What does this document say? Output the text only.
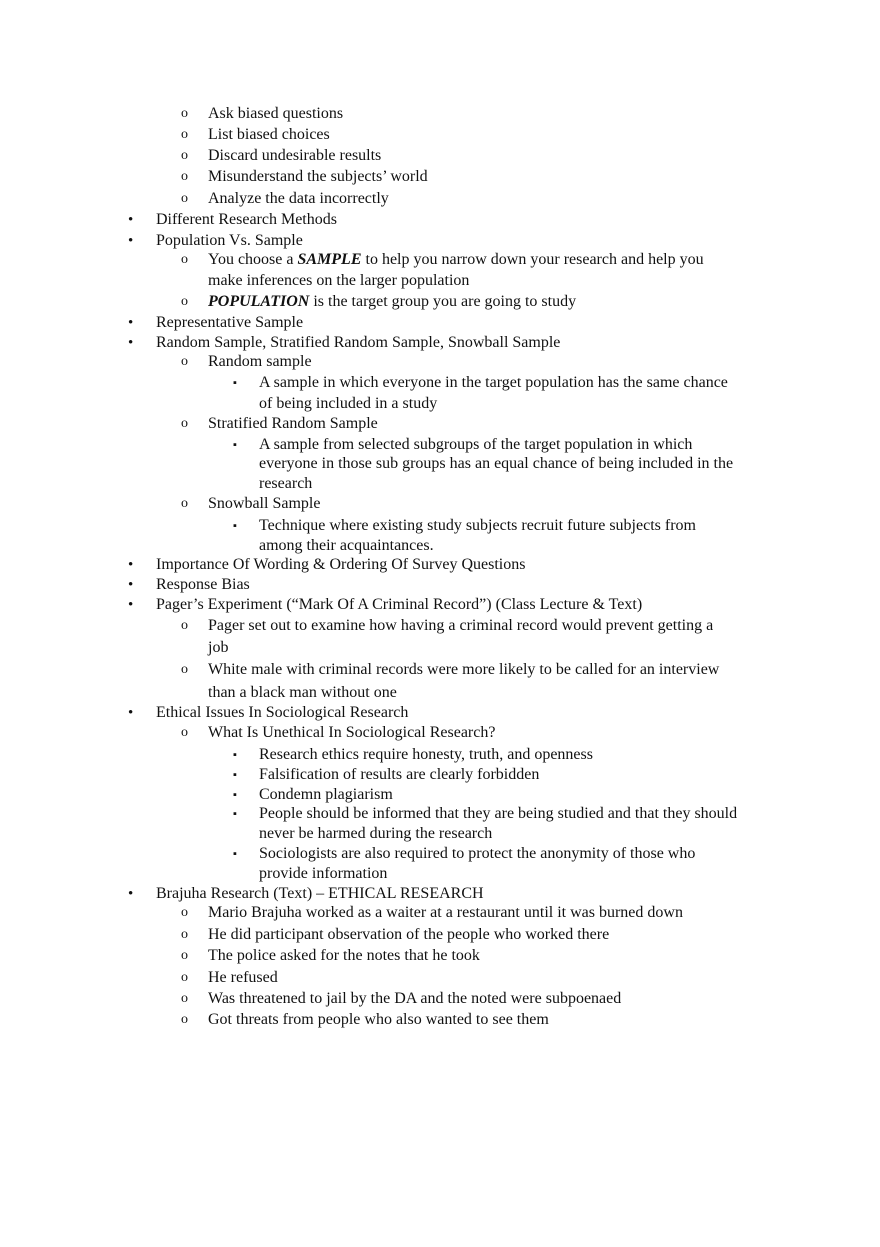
o Ask biased questions
o List biased choices
o Discard undesirable results
o Misunderstand the subjects’ world
o Analyze the data incorrectly
• Different Research Methods
• Population Vs. Sample
o You choose a SAMPLE to help you narrow down your research and help you
make inferences on the larger population
o POPULATION is the target group you are going to study
• Representative Sample
• Random Sample, Stratified Random Sample, Snowball Sample
o Random sample
▪ A sample in which everyone in the target population has the same chance
of being included in a study
o Stratified Random Sample
▪ A sample from selected subgroups of the target population in which
everyone in those sub groups has an equal chance of being included in the
research
o Snowball Sample
▪ Technique where existing study subjects recruit future subjects from
among their acquaintances.
• Importance Of Wording & Ordering Of Survey Questions
• Response Bias
• Pager’s Experiment (“Mark Of A Criminal Record”) (Class Lecture & Text)
o Pager set out to examine how having a criminal record would prevent getting a
job
o White male with criminal records were more likely to be called for an interview
than a black man without one
• Ethical Issues In Sociological Research
o What Is Unethical In Sociological Research?
▪ Research ethics require honesty, truth, and openness
▪ Falsification of results are clearly forbidden
▪ Condemn plagiarism
▪ People should be informed that they are being studied and that they should
never be harmed during the research
▪ Sociologists are also required to protect the anonymity of those who
provide information
• Brajuha Research (Text) – ETHICAL RESEARCH
o Mario Brajuha worked as a waiter at a restaurant until it was burned down
o He did participant observation of the people who worked there
o The police asked for the notes that he took
o He refused
o Was threatened to jail by the DA and the noted were subpoenaed
o Got threats from people who also wanted to see them
